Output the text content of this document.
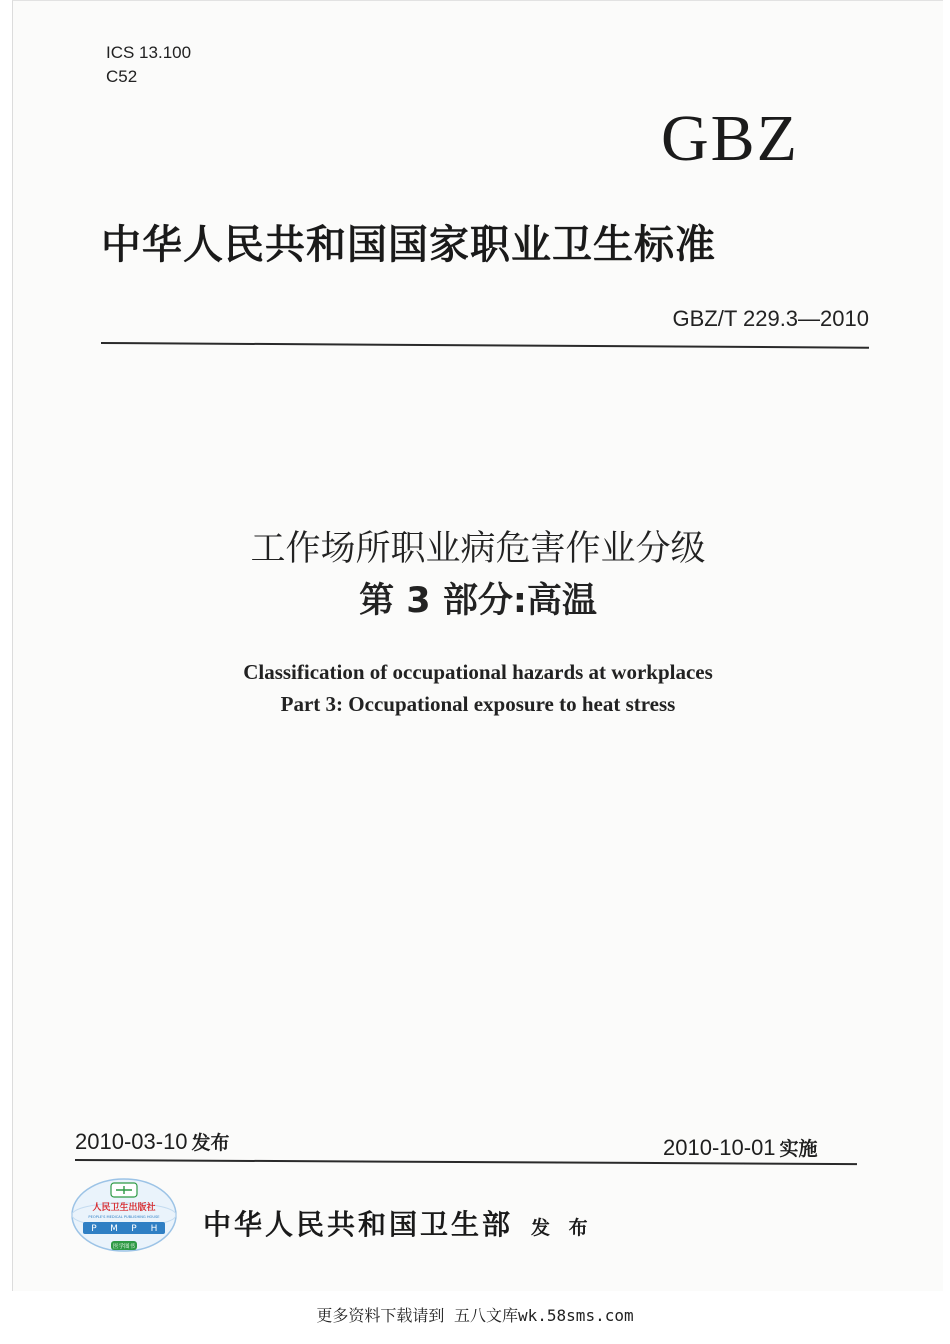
ICS 13.100
C52
GBZ
中华人民共和国国家职业卫生标准
GBZ/T 229.3—2010
工作场所职业病危害作业分级
第 3 部分:高温
Classification of occupational hazards at workplaces
Part 3: Occupational exposure to heat stress
2010-03-10 发布	2010-10-01 实施
人民卫生出版社
PEOPLE'S MEDICAL PUBLISHING HOUSE
P M P H
医学图书
中华人民共和国卫生部 发 布
更多资料下载请到 五八文库wk.58sms.com
